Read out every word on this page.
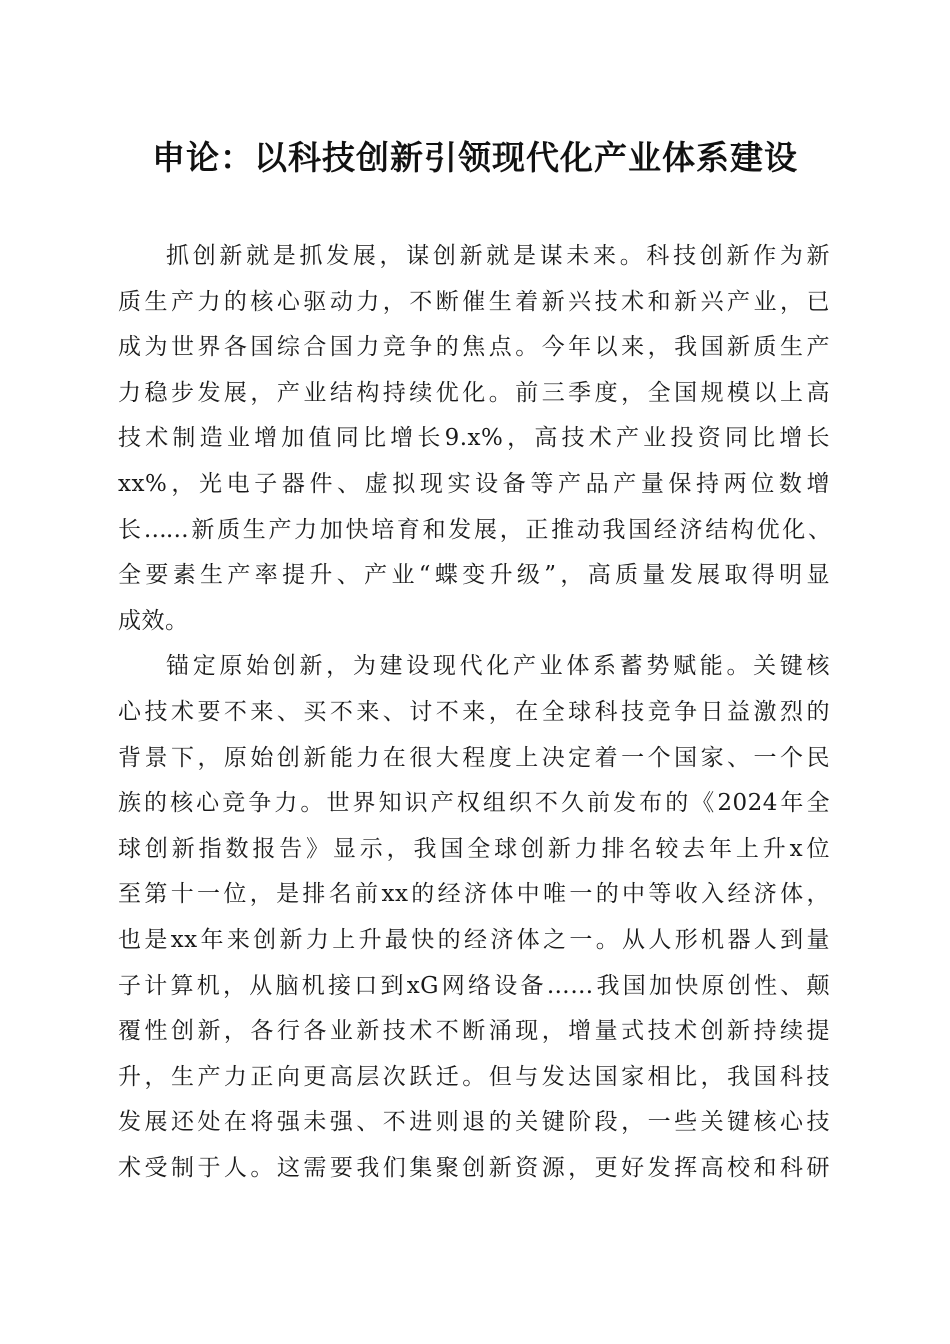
申论：以科技创新引领现代化产业体系建设
抓创新就是抓发展，谋创新就是谋未来。科技创新作为新
质生产力的核心驱动力，不断催生着新兴技术和新兴产业，已
成为世界各国综合国力竞争的焦点。今年以来，我国新质生产
力稳步发展，产业结构持续优化。前三季度，全国规模以上高
技术制造业增加值同比增长9.x%，高技术产业投资同比增长
xx%，光电子器件、虚拟现实设备等产品产量保持两位数增
长……新质生产力加快培育和发展，正推动我国经济结构优化、
全要素生产率提升、产业“蝶变升级”，高质量发展取得明显
成效。
锚定原始创新，为建设现代化产业体系蓄势赋能。关键核
心技术要不来、买不来、讨不来，在全球科技竞争日益激烈的
背景下，原始创新能力在很大程度上决定着一个国家、一个民
族的核心竞争力。世界知识产权组织不久前发布的《2024年全
球创新指数报告》显示，我国全球创新力排名较去年上升x位
至第十一位，是排名前xx的经济体中唯一的中等收入经济体，
也是xx年来创新力上升最快的经济体之一。从人形机器人到量
子计算机，从脑机接口到xG网络设备……我国加快原创性、颠
覆性创新，各行各业新技术不断涌现，增量式技术创新持续提
升，生产力正向更高层次跃迁。但与发达国家相比，我国科技
发展还处在将强未强、不进则退的关键阶段，一些关键核心技
术受制于人。这需要我们集聚创新资源，更好发挥高校和科研
